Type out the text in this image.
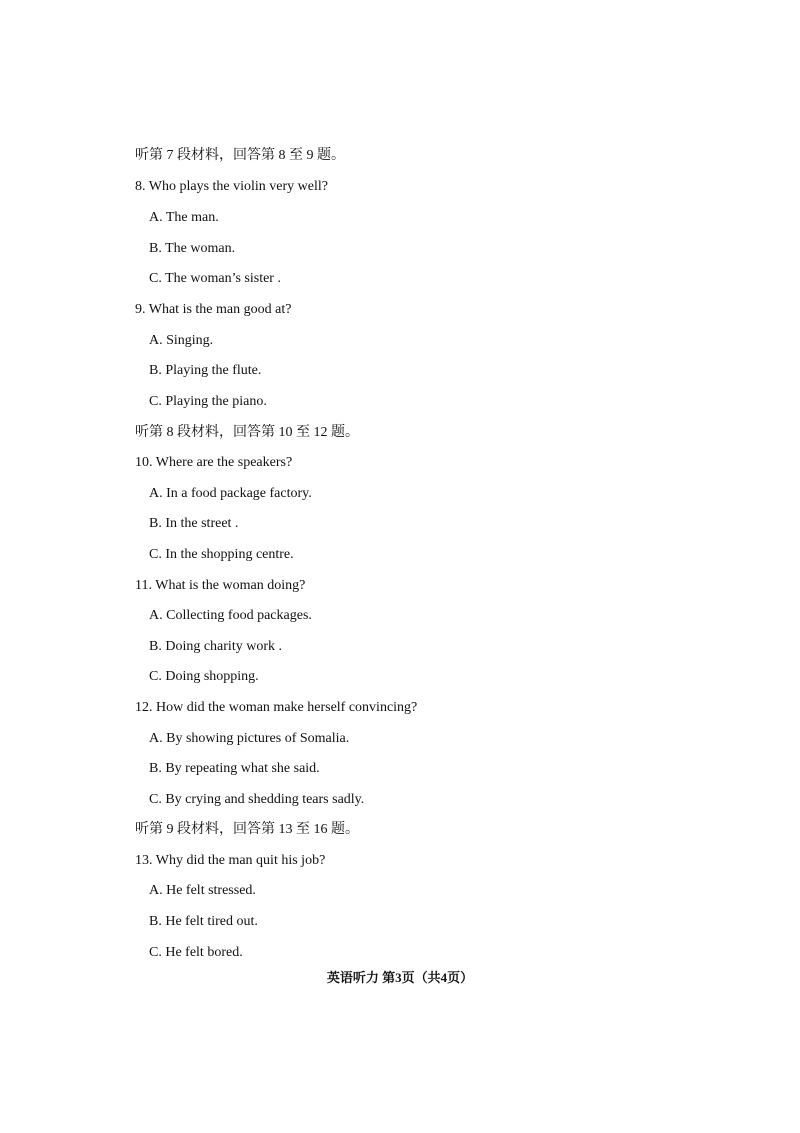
听第 7 段材料，回答第 8 至 9 题。
8. Who plays the violin very well?
A. The man.
B. The woman.
C. The woman’s sister .
9. What is the man good at?
A. Singing.
B. Playing the flute.
C. Playing the piano.
听第 8 段材料，回答第 10 至 12 题。
10. Where are the speakers?
A. In a food package factory.
B. In the street .
C. In the shopping centre.
11. What is the woman doing?
A. Collecting food packages.
B. Doing charity work .
C. Doing shopping.
12. How did the woman make herself convincing?
A. By showing pictures of Somalia.
B. By repeating what she said.
C. By crying and shedding tears sadly.
听第 9 段材料，回答第 13 至 16 题。
13. Why did the man quit his job?
A. He felt stressed.
B. He felt tired out.
C. He felt bored.
英语听力 第3页（共4页）
